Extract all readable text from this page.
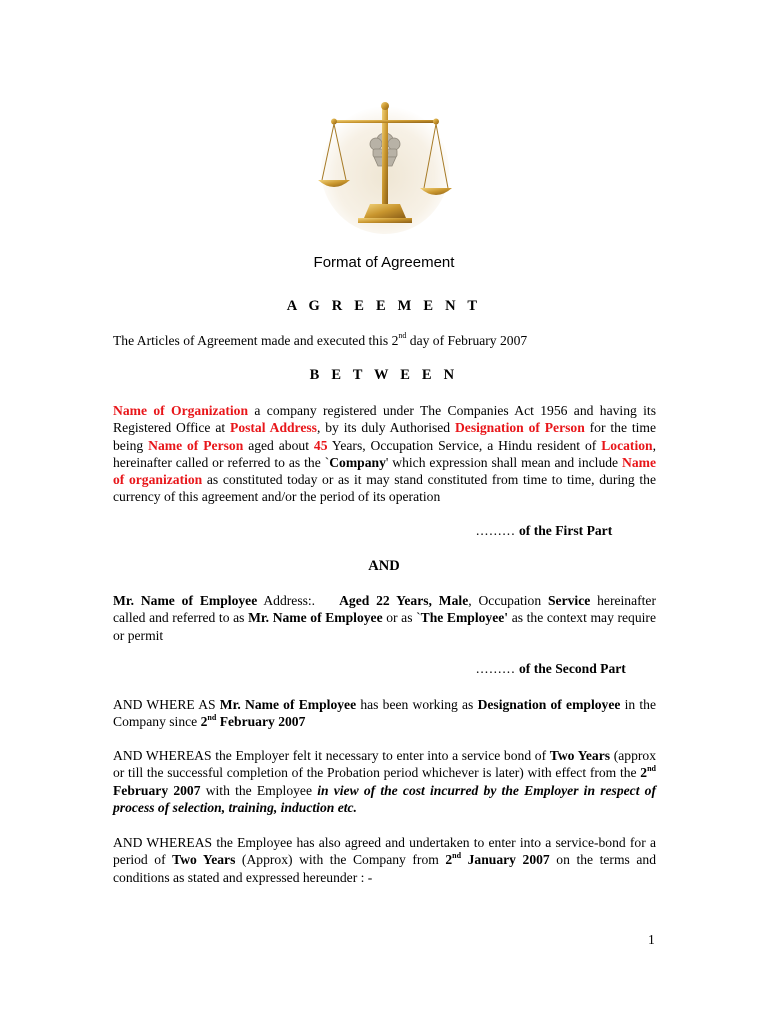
Format of Agreement
A G R E E M E N T
The Articles of Agreement made and executed this 2nd day of February 2007
B E T W E E N
Name of Organization a company registered under The Companies Act 1956 and having its Registered Office at Postal Address, by its duly Authorised Designation of Person for the time being Name of Person aged about 45 Years, Occupation Service, a Hindu resident of Location, hereinafter called or referred to as the `Company' which expression shall mean and include Name of organization as constituted today or as it may stand constituted from time to time, during the currency of this agreement and/or the period of its operation
......... of the First Part
AND
Mr. Name of Employee Address:. Aged 22 Years, Male, Occupation Service hereinafter called and referred to as Mr. Name of Employee or as `The Employee' as the context may require or permit
......... of the Second Part
AND WHERE AS Mr. Name of Employee has been working as Designation of employee in the Company since 2nd February 2007
AND WHEREAS the Employer felt it necessary to enter into a service bond of Two Years (approx or till the successful completion of the Probation period whichever is later) with effect from the 2nd February 2007 with the Employee in view of the cost incurred by the Employer in respect of process of selection, training, induction etc.
AND WHEREAS the Employee has also agreed and undertaken to enter into a service-bond for a period of Two Years (Approx) with the Company from 2nd January 2007 on the terms and conditions as stated and expressed hereunder : -
1
